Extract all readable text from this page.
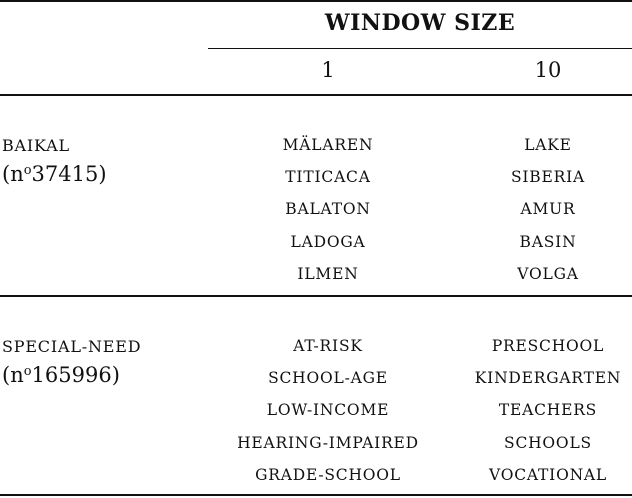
WINDOW SIZE
1	10
BAIKAL
$(n^o37415)$
MÄLAREN
TITICACA
BALATON
LADOGA
ILMEN
LAKE
SIBERIA
AMUR
BASIN
VOLGA
SPECIAL-NEED
$(n^o165996)$
AT-RISK
SCHOOL-AGE
LOW-INCOME
HEARING-IMPAIRED
GRADE-SCHOOL
PRESCHOOL
KINDERGARTEN
TEACHERS
SCHOOLS
VOCATIONAL
